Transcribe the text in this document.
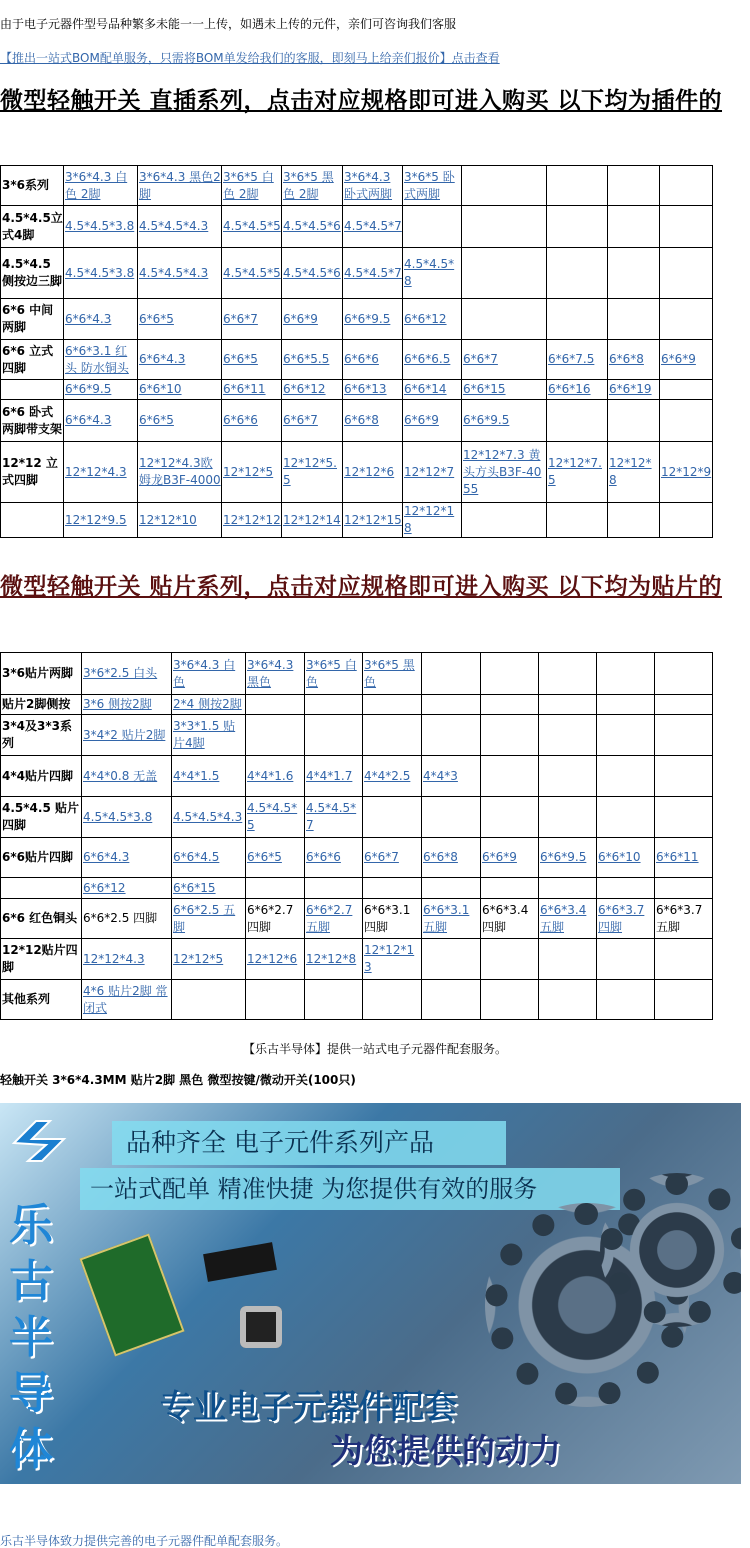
由于电子元器件型号品种繁多未能一一上传，如遇未上传的元件，亲们可咨询我们客服
【推出一站式BOM配单服务，只需将BOM单发给我们的客服，即刻马上给亲们报价】点击查看
微型轻触开关 直插系列，点击对应规格即可进入购买 以下均为插件的
3*6系列	3*6*4.3 白色 2脚	3*6*4.3 黑色2脚	3*6*5 白色 2脚	3*6*5 黑色 2脚	3*6*4.3 卧式两脚	3*6*5 卧式两脚				
4.5*4.5立式4脚	4.5*4.5*3.8	4.5*4.5*4.3	4.5*4.5*5	4.5*4.5*6	4.5*4.5*7					
4.5*4.5 侧按边三脚	4.5*4.5*3.8	4.5*4.5*4.3	4.5*4.5*5	4.5*4.5*6	4.5*4.5*7	4.5*4.5*8				
6*6 中间两脚	6*6*4.3	6*6*5	6*6*7	6*6*9	6*6*9.5	6*6*12				
6*6 立式四脚	6*6*3.1 红头 防水铜头	6*6*4.3	6*6*5	6*6*5.5	6*6*6	6*6*6.5	6*6*7	6*6*7.5	6*6*8	6*6*9
	6*6*9.5	6*6*10	6*6*11	6*6*12	6*6*13	6*6*14	6*6*15	6*6*16	6*6*19	
6*6 卧式两脚带支架	6*6*4.3	6*6*5	6*6*6	6*6*7	6*6*8	6*6*9	6*6*9.5			
12*12 立式四脚	12*12*4.3	12*12*4.3欧姆龙B3F-4000	12*12*5	12*12*5.5	12*12*6	12*12*7	12*12*7.3 黄头方头B3F-4055	12*12*7.5	12*12*8	12*12*9
	12*12*9.5	12*12*10	12*12*12	12*12*14	12*12*15	12*12*18				
微型轻触开关 贴片系列，点击对应规格即可进入购买 以下均为贴片的
3*6贴片两脚	3*6*2.5 白头	3*6*4.3 白色	3*6*4.3 黑色	3*6*5 白色	3*6*5 黑色					
贴片2脚侧按	3*6 侧按2脚	2*4 侧按2脚								
3*4及3*3系列	3*4*2 贴片2脚	3*3*1.5 贴片4脚								
4*4贴片四脚	4*4*0.8 无盖	4*4*1.5	4*4*1.6	4*4*1.7	4*4*2.5	4*4*3				
4.5*4.5 贴片四脚	4.5*4.5*3.8	4.5*4.5*4.3	4.5*4.5*5	4.5*4.5*7						
6*6贴片四脚	6*6*4.3	6*6*4.5	6*6*5	6*6*6	6*6*7	6*6*8	6*6*9	6*6*9.5	6*6*10	6*6*11
	6*6*12	6*6*15								
6*6 红色铜头	6*6*2.5 四脚	6*6*2.5 五脚	6*6*2.7 四脚	6*6*2.7 五脚	6*6*3.1 四脚	6*6*3.1 五脚	6*6*3.4 四脚	6*6*3.4 五脚	6*6*3.7 四脚	6*6*3.7 五脚
12*12贴片四脚	12*12*4.3	12*12*5	12*12*6	12*12*8	12*12*13					
其他系列	4*6 贴片2脚 常闭式									
【乐古半导体】提供一站式电子元器件配套服务。
轻触开关 3*6*4.3MM 贴片2脚 黑色 微型按键/微动开关(100只)
乐
古
半
导
体
品种齐全 电子元件系列产品
一站式配单 精准快捷 为您提供有效的服务
专业电子元器件配套
为您提供的动力
乐古半导体致力提供完善的电子元器件配单配套服务。
